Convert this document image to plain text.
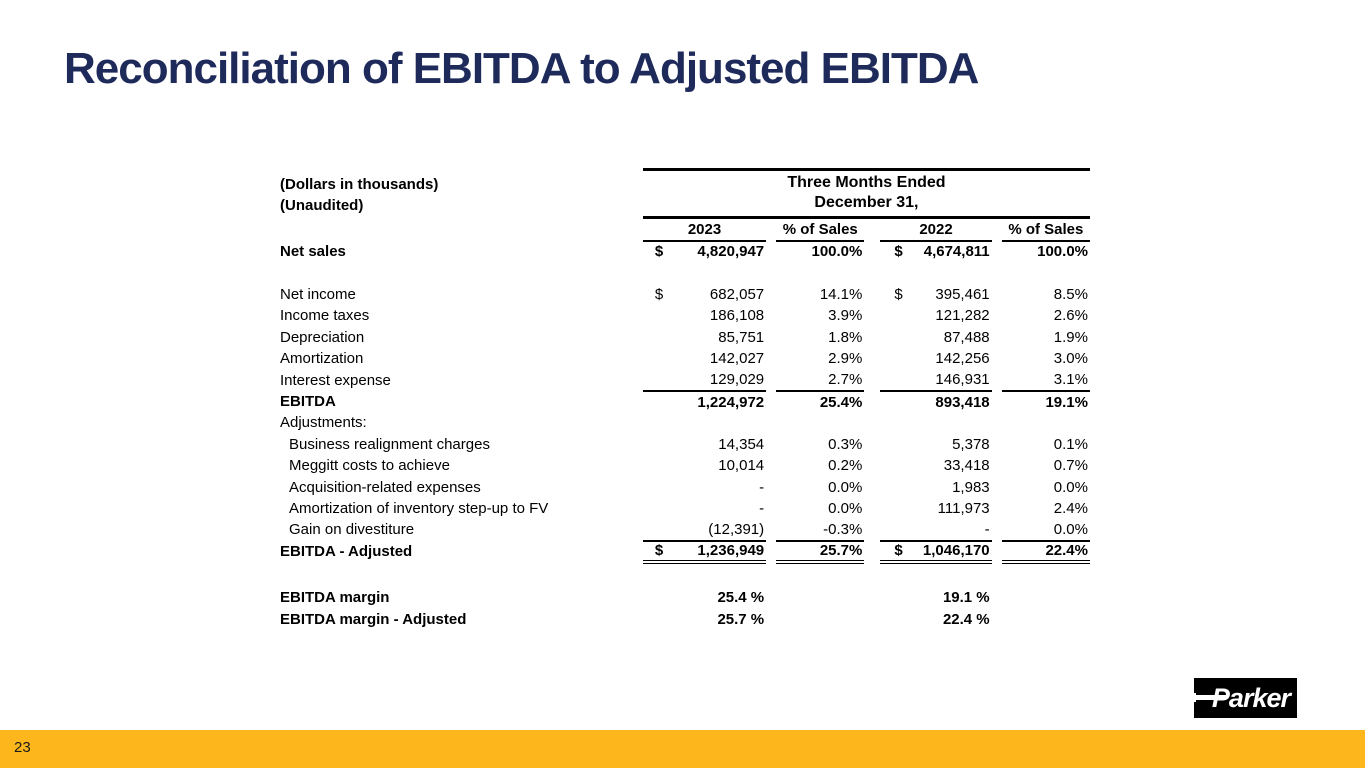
Reconciliation of EBITDA to Adjusted EBITDA
(Dollars in thousands)
(Unaudited)

Three Months Ended
December 31,

	2023		% of Sales		2022		% of Sales
Net sales	$ 4,820,947		100.0%		$ 4,674,811		100.0%

Net income	$ 682,057		14.1%		$ 395,461		8.5%
Income taxes	186,108		3.9%		121,282		2.6%
Depreciation	85,751		1.8%		87,488		1.9%
Amortization	142,027		2.9%		142,256		3.0%
Interest expense	129,029		2.7%		146,931		3.1%
EBITDA	1,224,972		25.4%		893,418		19.1%
Adjustments:	

Business realignment charges	14,354		0.3%		5,378		0.1%
Meggitt costs to achieve	10,014		0.2%		33,418		0.7%
Acquisition-related expenses	-		0.0%		1,983		0.0%
Amortization of inventory step-up to FV	-		0.0%		111,973		2.4%
Gain on divestiture	(12,391)		-0.3%		-		0.0%
EBITDA - Adjusted	$ 1,236,949		25.7%		$ 1,046,170		22.4%

EBITDA margin	25.4 %				19.1 %		

EBITDA margin - Adjusted	25.7 %				22.4 %		

Parker
23
